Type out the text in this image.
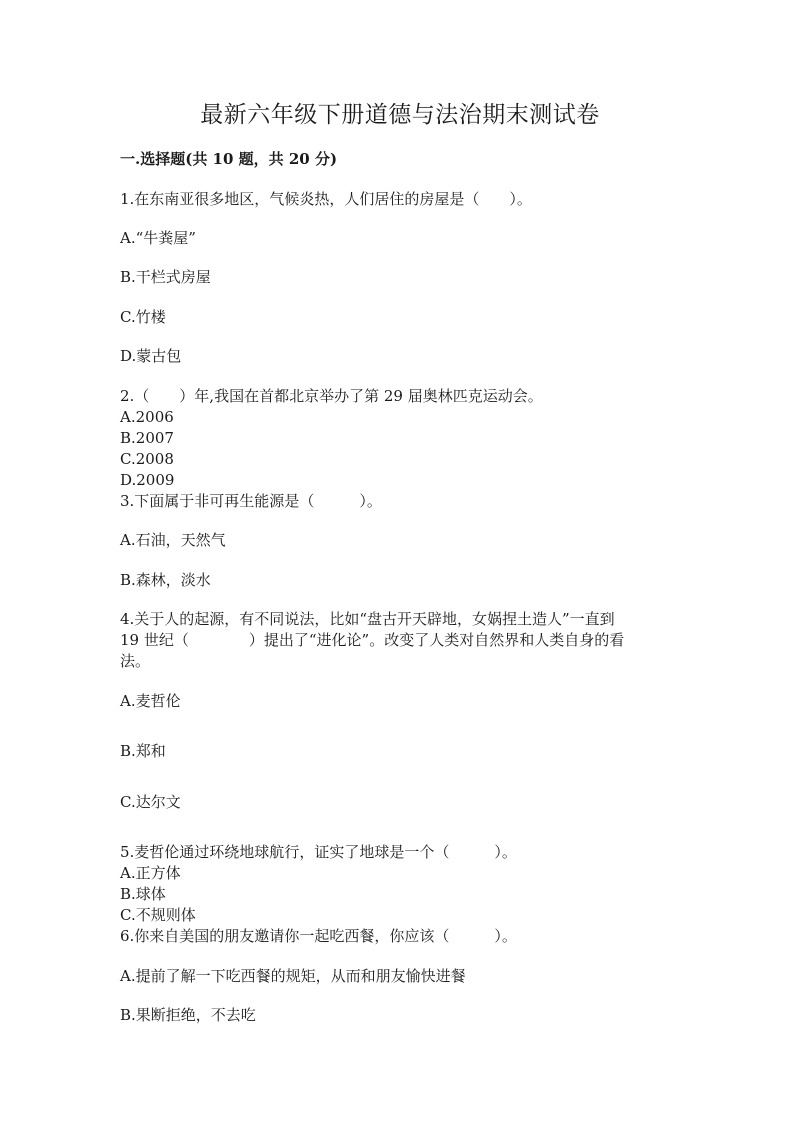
最新六年级下册道德与法治期末测试卷

一.选择题(共 10 题，共 20 分)

1.在东南亚很多地区，气候炎热，人们居住的房屋是（　　）。

A.“牛粪屋”

B.干栏式房屋

C.竹楼

D.蒙古包

2.（　　）年,我国在首都北京举办了第 29 届奥林匹克运动会。

A.2006

B.2007

C.2008

D.2009

3.下面属于非可再生能源是（　　　）。

A.石油，天然气

B.森林，淡水

4.关于人的起源，有不同说法，比如“盘古开天辟地，女娲捏土造人”一直到
19 世纪（　　　　）提出了“进化论”。改变了人类对自然界和人类自身的看
法。

A.麦哲伦

B.郑和

C.达尔文

5.麦哲伦通过环绕地球航行，证实了地球是一个（　　　）。

A.正方体

B.球体

C.不规则体

6.你来自美国的朋友邀请你一起吃西餐，你应该（　　　）。

A.提前了解一下吃西餐的规矩，从而和朋友愉快进餐

B.果断拒绝，不去吃
